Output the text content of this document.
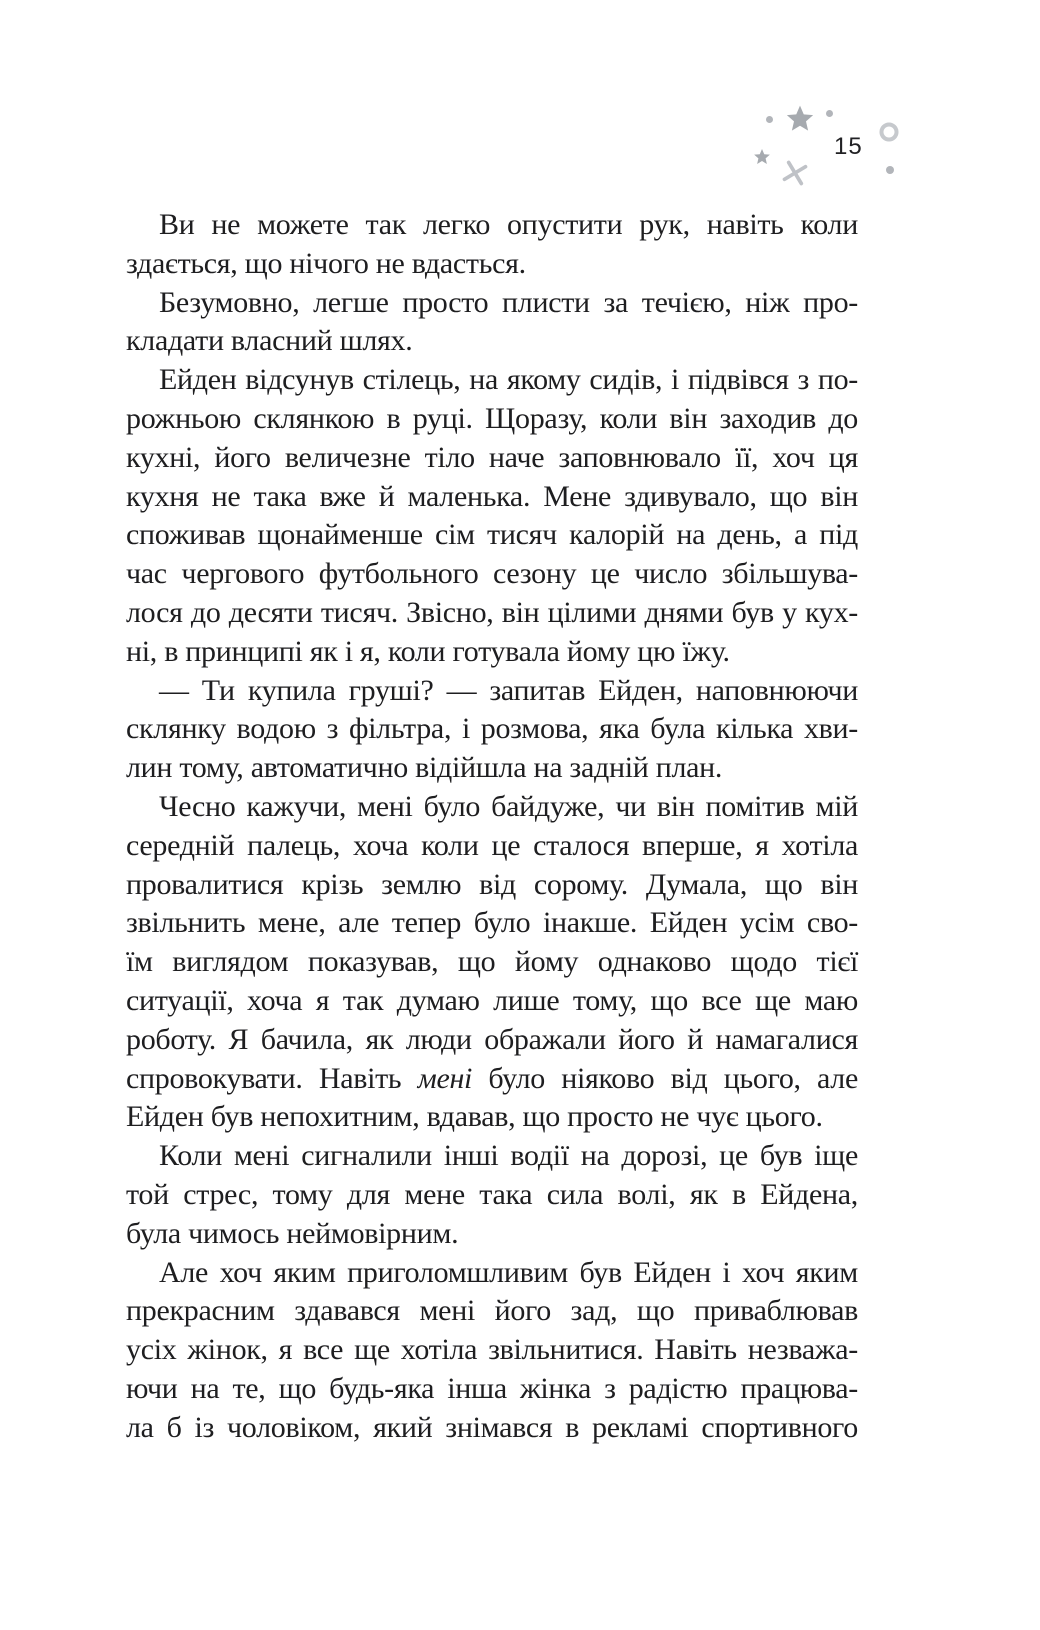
15
Ви не можете так легко опустити рук, навіть коли
здається, що нічого не вдасться.
Безумовно, легше просто плисти за течією, ніж про-
кладати власний шлях.
Ейден відсунув стілець, на якому сидів, і підвівся з по-
рожньою склянкою в руці. Щоразу, коли він заходив до
кухні, його величезне тіло наче заповнювало її, хоч ця
кухня не така вже й маленька. Мене здивувало, що він
споживав щонайменше сім тисяч калорій на день, а під
час чергового футбольного сезону це число збільшува-
лося до десяти тисяч. Звісно, він цілими днями був у кух-
ні, в принципі як і я, коли готувала йому цю їжу.
— Ти купила груші? — запитав Ейден, наповнюючи
склянку водою з фільтра, і розмова, яка була кілька хви-
лин тому, автоматично відійшла на задній план.
Чесно кажучи, мені було байдуже, чи він помітив мій
середній палець, хоча коли це сталося вперше, я хотіла
провалитися крізь землю від сорому. Думала, що він
звільнить мене, але тепер було інакше. Ейден усім сво-
їм виглядом показував, що йому однаково щодо тієї
ситуації, хоча я так думаю лише тому, що все ще маю
роботу. Я бачила, як люди ображали його й намагалися
спровокувати. Навіть мені було ніяково від цього, але
Ейден був непохитним, вдавав, що просто не чує цього.
Коли мені сигналили інші водії на дорозі, це був іще
той стрес, тому для мене така сила волі, як в Ейдена,
була чимось неймовірним.
Але хоч яким приголомшливим був Ейден і хоч яким
прекрасним здавався мені його зад, що приваблював
усіх жінок, я все ще хотіла звільнитися. Навіть незважа-
ючи на те, що будь-яка інша жінка з радістю працюва-
ла б із чоловіком, який знімався в рекламі спортивного
